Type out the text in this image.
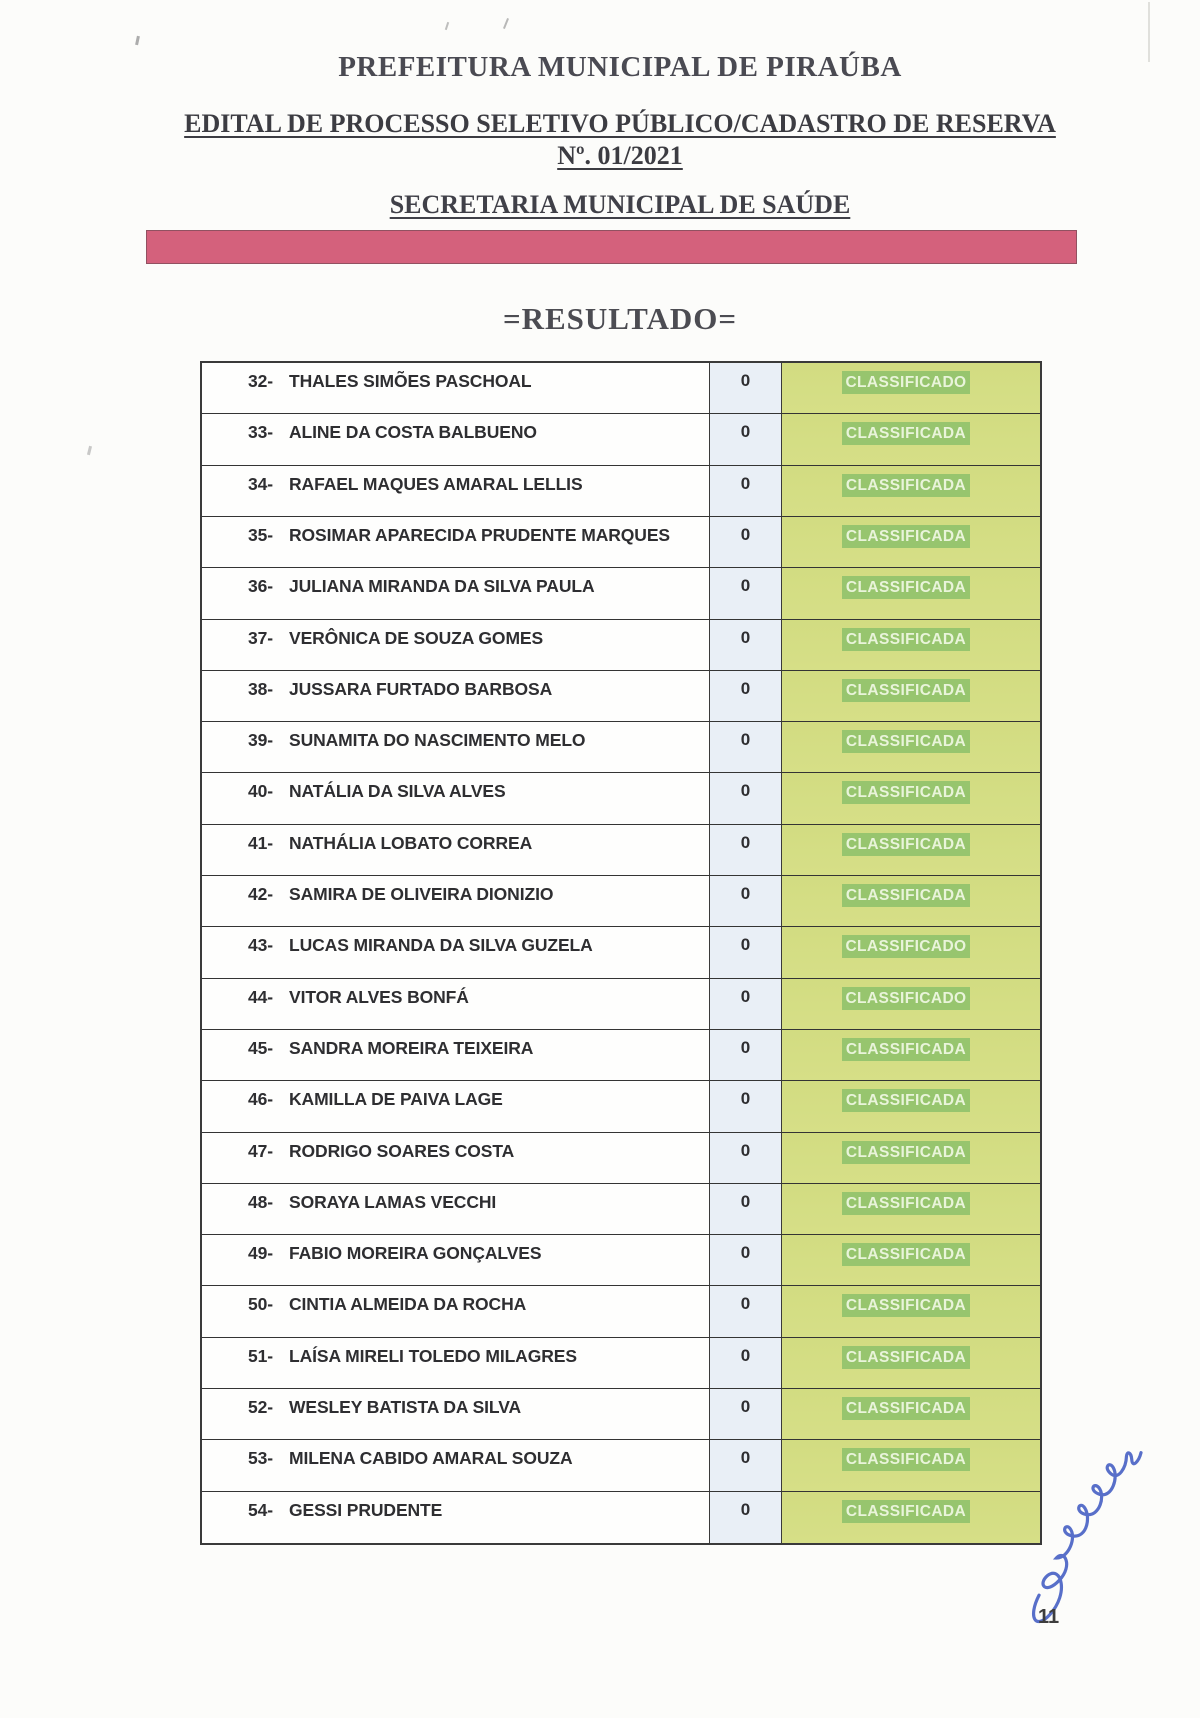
PREFEITURA MUNICIPAL DE PIRAÚBA
EDITAL DE PROCESSO SELETIVO PÚBLICO/CADASTRO DE RESERVA
Nº. 01/2021
SECRETARIA MUNICIPAL DE SAÚDE
=RESULTADO=
32- THALES SIMÕES PASCHOAL	0	CLASSIFICADO
33- ALINE DA COSTA BALBUENO	0	CLASSIFICADA
34- RAFAEL MAQUES AMARAL LELLIS	0	CLASSIFICADA
35- ROSIMAR APARECIDA PRUDENTE MARQUES	0	CLASSIFICADA
36- JULIANA MIRANDA DA SILVA PAULA	0	CLASSIFICADA
37- VERÔNICA DE SOUZA GOMES	0	CLASSIFICADA
38- JUSSARA FURTADO BARBOSA	0	CLASSIFICADA
39- SUNAMITA DO NASCIMENTO MELO	0	CLASSIFICADA
40- NATÁLIA DA SILVA ALVES	0	CLASSIFICADA
41- NATHÁLIA LOBATO CORREA	0	CLASSIFICADA
42- SAMIRA DE OLIVEIRA DIONIZIO	0	CLASSIFICADA
43- LUCAS MIRANDA DA SILVA GUZELA	0	CLASSIFICADO
44- VITOR ALVES BONFÁ	0	CLASSIFICADO
45- SANDRA MOREIRA TEIXEIRA	0	CLASSIFICADA
46- KAMILLA DE PAIVA LAGE	0	CLASSIFICADA
47- RODRIGO SOARES COSTA	0	CLASSIFICADA
48- SORAYA LAMAS VECCHI	0	CLASSIFICADA
49- FABIO MOREIRA GONÇALVES	0	CLASSIFICADA
50- CINTIA ALMEIDA DA ROCHA	0	CLASSIFICADA
51- LAÍSA MIRELI TOLEDO MILAGRES	0	CLASSIFICADA
52- WESLEY BATISTA DA SILVA	0	CLASSIFICADA
53- MILENA CABIDO AMARAL SOUZA	0	CLASSIFICADA
54- GESSI PRUDENTE	0	CLASSIFICADA
11
